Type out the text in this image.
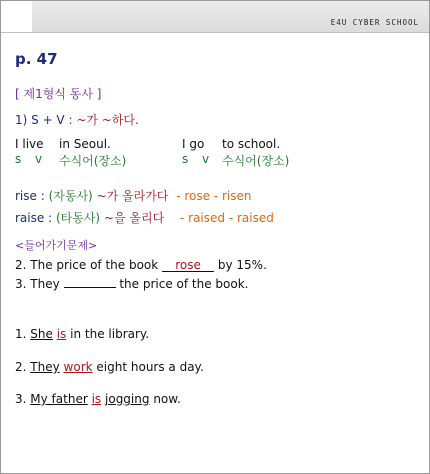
E4U CYBER SCHOOL
p. 47
[ 제1형식 동사 ]
1) S + V : ~가 ~하다.
I live in Seoul.
s v 수식어(장소)
I go to school.
s v 수식어(장소)
rise : (자동사) ~가 올라가다 - rose - risen
raise : (타동사) ~을 올리다 - raised - raised
<들어가기문제>
2. The price of the book rose by 15%.
3. They	the price of the book.
1. She is in the library.
2. They work eight hours a day.
3. My father is jogging now.
